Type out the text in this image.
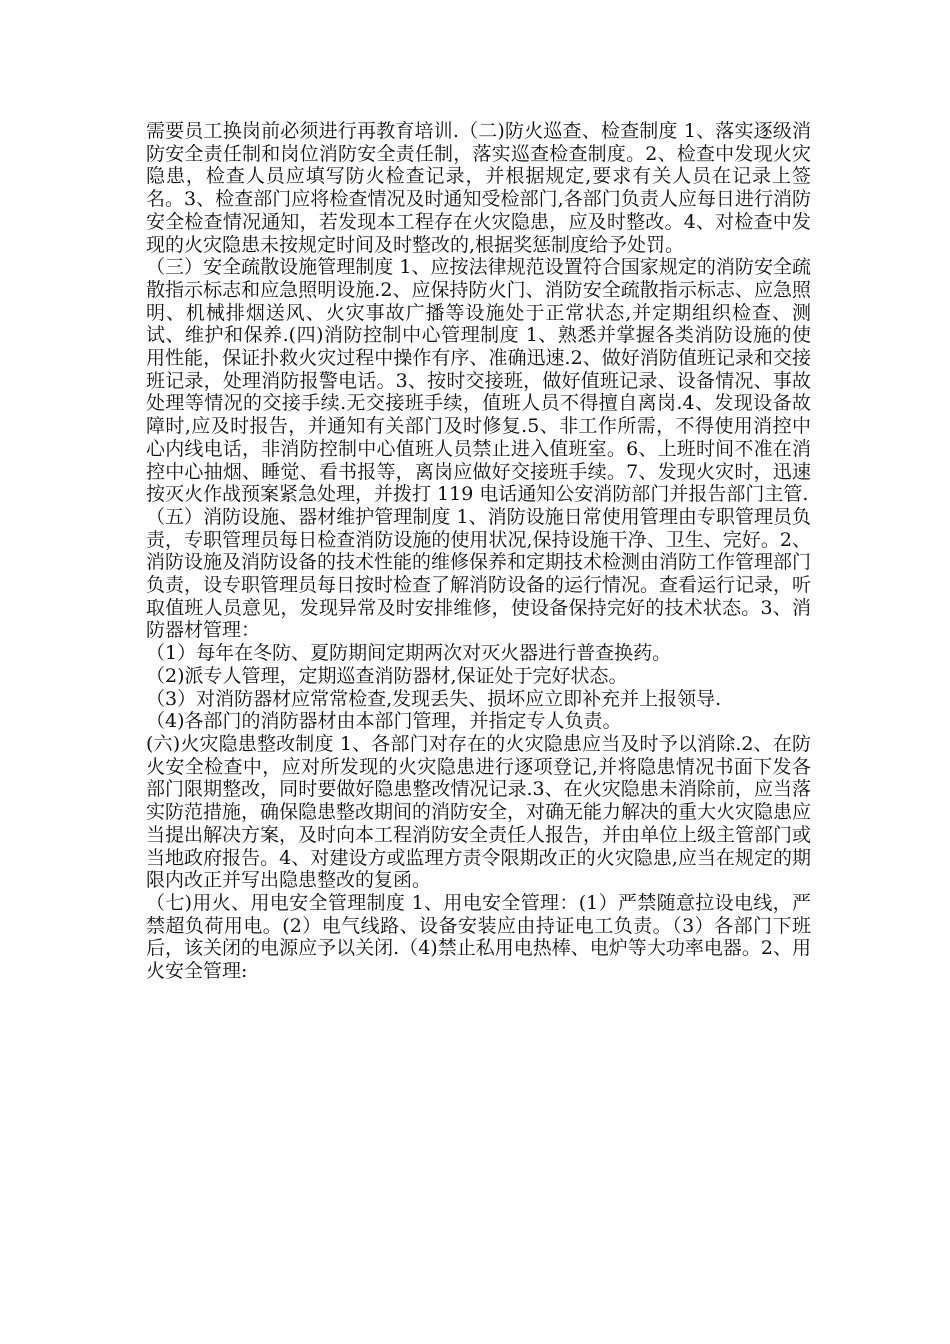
需要员工换岗前必须进行再教育培训.（二)防火巡查、检查制度 1、落实逐级消防安全责任制和岗位消防安全责任制，落实巡查检查制度。2、检查中发现火灾隐患，检查人员应填写防火检查记录，并根据规定,要求有关人员在记录上签名。3、检查部门应将检查情况及时通知受检部门,各部门负责人应每日进行消防安全检查情况通知，若发现本工程存在火灾隐患，应及时整改。4、对检查中发现的火灾隐患未按规定时间及时整改的,根据奖惩制度给予处罚。

（三）安全疏散设施管理制度 1、应按法律规范设置符合国家规定的消防安全疏散指示标志和应急照明设施.2、应保持防火门、消防安全疏散指示标志、应急照明、机械排烟送风、火灾事故广播等设施处于正常状态,并定期组织检查、测试、维护和保养.(四)消防控制中心管理制度 1、熟悉并掌握各类消防设施的使用性能，保证扑救火灾过程中操作有序、准确迅速.2、做好消防值班记录和交接班记录，处理消防报警电话。3、按时交接班，做好值班记录、设备情况、事故处理等情况的交接手续.无交接班手续，值班人员不得擅自离岗.4、发现设备故障时,应及时报告，并通知有关部门及时修复.5、非工作所需，不得使用消控中心内线电话，非消防控制中心值班人员禁止进入值班室。6、上班时间不准在消控中心抽烟、睡觉、看书报等，离岗应做好交接班手续。7、发现火灾时，迅速按灭火作战预案紧急处理，并拨打 119 电话通知公安消防部门并报告部门主管.

（五）消防设施、器材维护管理制度 1、消防设施日常使用管理由专职管理员负责，专职管理员每日检查消防设施的使用状况,保持设施干净、卫生、完好。2、消防设施及消防设备的技术性能的维修保养和定期技术检测由消防工作管理部门负责，设专职管理员每日按时检查了解消防设备的运行情况。查看运行记录，听取值班人员意见，发现异常及时安排维修，使设备保持完好的技术状态。3、消防器材管理：

（1）每年在冬防、夏防期间定期两次对灭火器进行普查换药。

（2)派专人管理，定期巡查消防器材,保证处于完好状态。

（3）对消防器材应常常检查,发现丢失、损坏应立即补充并上报领导.

（4)各部门的消防器材由本部门管理，并指定专人负责。

(六)火灾隐患整改制度 1、各部门对存在的火灾隐患应当及时予以消除.2、在防火安全检查中，应对所发现的火灾隐患进行逐项登记,并将隐患情况书面下发各部门限期整改，同时要做好隐患整改情况记录.3、在火灾隐患未消除前，应当落实防范措施，确保隐患整改期间的消防安全，对确无能力解决的重大火灾隐患应当提出解决方案，及时向本工程消防安全责任人报告，并由单位上级主管部门或当地政府报告。4、对建设方或监理方责令限期改正的火灾隐患,应当在规定的期限内改正并写出隐患整改的复函。

（七)用火、用电安全管理制度 1、用电安全管理：(1）严禁随意拉设电线，严禁超负荷用电。(2）电气线路、设备安装应由持证电工负责。（3）各部门下班后，该关闭的电源应予以关闭.（4)禁止私用电热棒、电炉等大功率电器。2、用火安全管理:
